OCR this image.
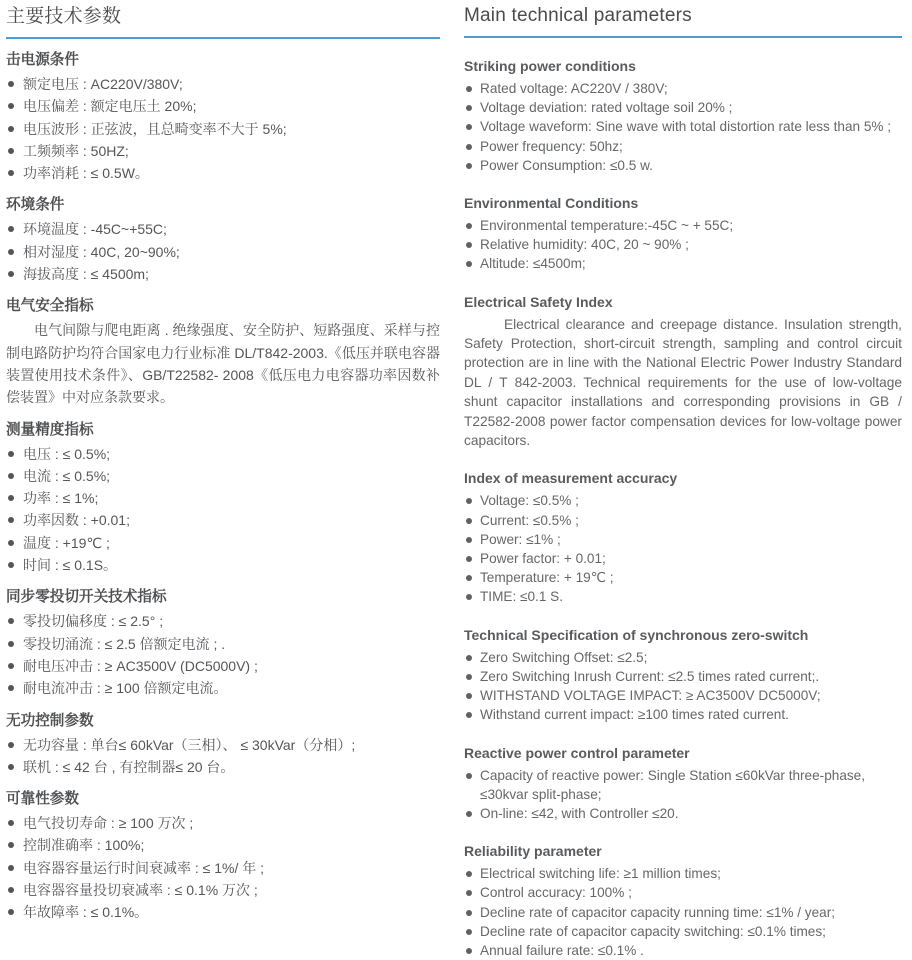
主要技术参数
击电源条件
额定电压 : AC220V/380V;
电压偏差 : 额定电压土 20%;
电压波形 : 正弦波，且总畸变率不大于 5%;
工频频率 : 50HZ;
功率消耗 : ≤ 0.5W。
环境条件
环境温度 : -45C~+55C;
相对湿度 : 40C, 20~90%;
海拔高度 : ≤ 4500m;
电气安全指标

电气间隙与爬电距离 . 绝缘强度、安全防护、短路强度、采样与控制电路防护均符合国家电力行业标准 DL/T842-2003.《低压并联电容器装置使用技术条件》、GB/T22582- 2008《低压电力电容器功率因数补偿装置》中对应条款要求。

测量精度指标
电压 : ≤ 0.5%;
电流 : ≤ 0.5%;
功率 : ≤ 1%;
功率因数 : +0.01;
温度 : +19℃ ;
时间 : ≤ 0.1S。
同步零投切开关技术指标
零投切偏移度 : ≤ 2.5° ;
零投切涌流 : ≤ 2.5 倍额定电流 ; .
耐电压冲击 : ≥ AC3500V (DC5000V) ;
耐电流冲击 : ≥ 100 倍额定电流。
无功控制参数
无功容量 : 单台≤ 60kVar（三相）、 ≤ 30kVar（分相）;
联机 : ≤ 42 台 , 有控制器≤ 20 台。
可靠性参数
电气投切寿命 : ≥ 100 万次 ;
控制准确率 : 100%;
电容器容量运行时间衰减率 : ≤ 1%/ 年 ;
电容器容量投切衰减率 : ≤ 0.1% 万次 ;
年故障率 : ≤ 0.1%。
Main technical parameters
Striking power conditions
Rated voltage: AC220V / 380V;
Voltage deviation: rated voltage soil 20% ;
Voltage waveform: Sine wave with total distortion rate less than 5% ;
Power frequency: 50hz;
Power Consumption: ≤0.5 w.
Environmental Conditions
Environmental temperature:-45C ~ + 55C;
Relative humidity: 40C, 20 ~ 90% ;
Altitude: ≤4500m;
Electrical Safety Index

Electrical clearance and creepage distance. Insulation strength, Safety Protection, short-circuit strength, sampling and control circuit protection are in line with the National Electric Power Industry Standard DL / T 842-2003. Technical requirements for the use of low-voltage shunt capacitor installations and corresponding provisions in GB / T22582-2008 power factor compensation devices for low-voltage power capacitors.

Index of measurement accuracy
Voltage: ≤0.5% ;
Current: ≤0.5% ;
Power: ≤1% ;
Power factor: + 0.01;
Temperature: + 19℃ ;
TIME: ≤0.1 S.
Technical Specification of synchronous zero-switch
Zero Switching Offset: ≤2.5;
Zero Switching Inrush Current: ≤2.5 times rated current;.
WITHSTAND VOLTAGE IMPACT: ≥ AC3500V DC5000V;
Withstand current impact: ≥100 times rated current.
Reactive power control parameter
Capacity of reactive power: Single Station ≤60kVar three-phase, ≤30kvar split-phase;
On-line: ≤42, with Controller ≤20.
Reliability parameter
Electrical switching life: ≥1 million times;
Control accuracy: 100% ;
Decline rate of capacitor capacity running time: ≤1% / year;
Decline rate of capacitor capacity switching: ≤0.1% times;
Annual failure rate: ≤0.1% .
